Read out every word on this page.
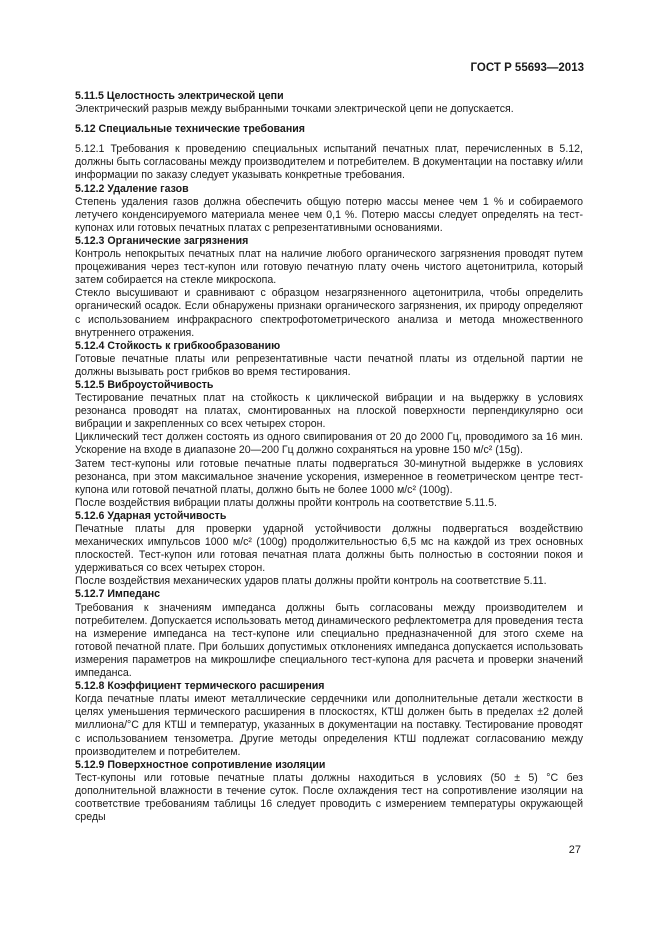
ГОСТ Р 55693—2013

5.11.5 Целостность электрической цепи

Электрический разрыв между выбранными точками электрической цепи не допускается.

5.12 Специальные технические требования

5.12.1 Требования к проведению специальных испытаний печатных плат, перечисленных в 5.12, должны быть согласованы между производителем и потребителем. В документации на поставку и/или информации по заказу следует указывать конкретные требования.

5.12.2 Удаление газов

Степень удаления газов должна обеспечить общую потерю массы менее чем 1 % и собираемого летучего конденсируемого материала менее чем 0,1 %. Потерю массы следует определять на тест-купонах или готовых печатных платах с репрезентативными основаниями.

5.12.3 Органические загрязнения

Контроль непокрытых печатных плат на наличие любого органического загрязнения проводят путем процеживания через тест-купон или готовую печатную плату очень чистого ацетонитрила, который затем собирается на стекле микроскопа.

Стекло высушивают и сравнивают с образцом незагрязненного ацетонитрила, чтобы определить органический осадок. Если обнаружены признаки органического загрязнения, их природу определяют с использованием инфракрасного спектрофотометрического анализа и метода множественного внутреннего отражения.

5.12.4 Стойкость к грибкообразованию

Готовые печатные платы или репрезентативные части печатной платы из отдельной партии не должны вызывать рост грибков во время тестирования.

5.12.5 Виброустойчивость

Тестирование печатных плат на стойкость к циклической вибрации и на выдержку в условиях резонанса проводят на платах, смонтированных на плоской поверхности перпендикулярно оси вибрации и закрепленных со всех четырех сторон.

Циклический тест должен состоять из одного свипирования от 20 до 2000 Гц, проводимого за 16 мин. Ускорение на входе в диапазоне 20—200 Гц должно сохраняться на уровне 150 м/с² (15g).

Затем тест-купоны или готовые печатные платы подвергаться 30-минутной выдержке в условиях резонанса, при этом максимальное значение ускорения, измеренное в геометрическом центре тест-купона или готовой печатной платы, должно быть не более 1000 м/с² (100g).

После воздействия вибрации платы должны пройти контроль на соответствие 5.11.5.

5.12.6 Ударная устойчивость

Печатные платы для проверки ударной устойчивости должны подвергаться воздействию механических импульсов 1000 м/с² (100g) продолжительностью 6,5 мс на каждой из трех основных плоскостей. Тест-купон или готовая печатная плата должны быть полностью в состоянии покоя и удерживаться со всех четырех сторон.

После воздействия механических ударов платы должны пройти контроль на соответствие 5.11.

5.12.7 Импеданс

Требования к значениям импеданса должны быть согласованы между производителем и потребителем. Допускается использовать метод динамического рефлектометра для проведения теста на измерение импеданса на тест-купоне или специально предназначенной для этого схеме на готовой печатной плате. При больших допустимых отклонениях импеданса допускается использовать измерения параметров на микрошлифе специального тест-купона для расчета и проверки значений импеданса.

5.12.8 Коэффициент термического расширения

Когда печатные платы имеют металлические сердечники или дополнительные детали жесткости в целях уменьшения термического расширения в плоскостях, КТШ должен быть в пределах ±2 долей миллиона/°С для КТШ и температур, указанных в документации на поставку. Тестирование проводят с использованием тензометра. Другие методы определения КТШ подлежат согласованию между производителем и потребителем.

5.12.9 Поверхностное сопротивление изоляции

Тест-купоны или готовые печатные платы должны находиться в условиях (50 ± 5) °С без дополнительной влажности в течение суток. После охлаждения тест на сопротивление изоляции на соответствие требованиям таблицы 16 следует проводить с измерением температуры окружающей среды

27
